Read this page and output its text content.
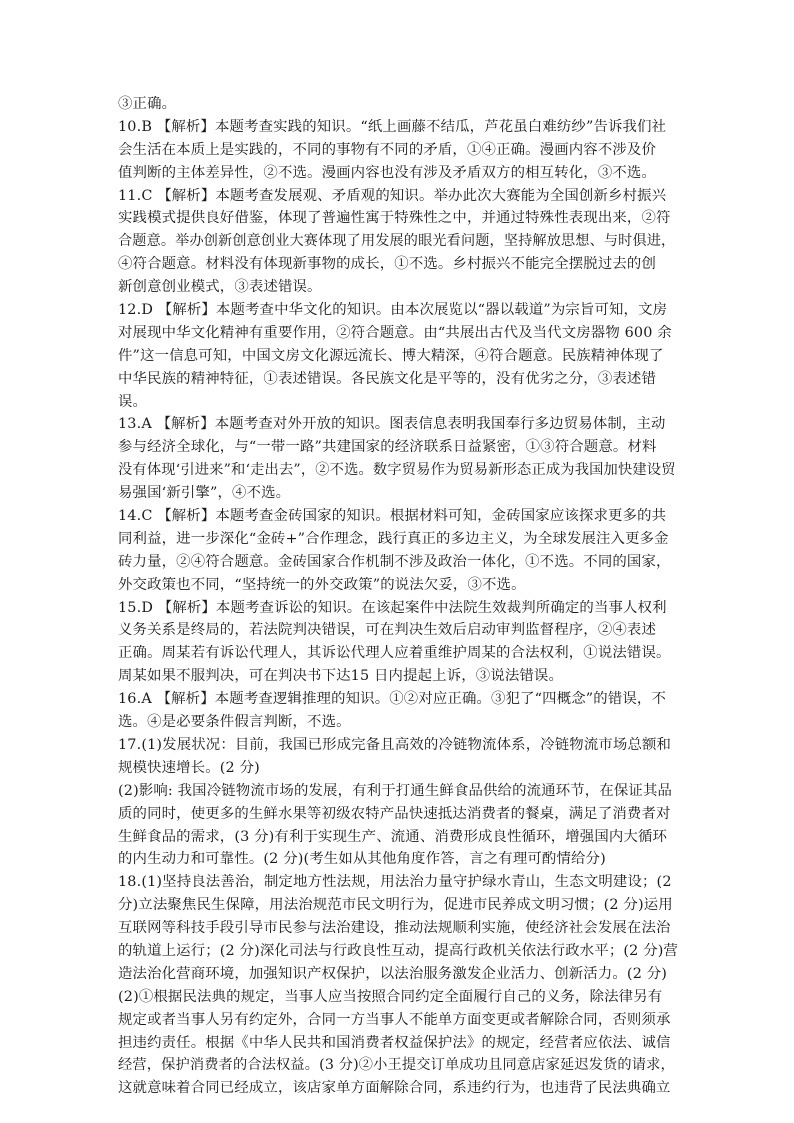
③正确。
10.B 【解析】本题考查实践的知识。“纸上画藤不结瓜，芦花虽白难纺纱”告诉我们社
会生活在本质上是实践的，不同的事物有不同的矛盾，①④正确。漫画内容不涉及价
值判断的主体差异性，②不选。漫画内容也没有涉及矛盾双方的相互转化，③不选。
11.C 【解析】本题考查发展观、矛盾观的知识。举办此次大赛能为全国创新乡村振兴
实践模式提供良好借鉴，体现了普遍性寓于特殊性之中，并通过特殊性表现出来，②符
合题意。举办创新创意创业大赛体现了用发展的眼光看问题，坚持解放思想、与时俱进，
④符合题意。材料没有体现新事物的成长，①不选。乡村振兴不能完全摆脱过去的创
新创意创业模式，③表述错误。
12.D 【解析】本题考查中华文化的知识。由本次展览以“器以载道”为宗旨可知，文房
对展现中华文化精神有重要作用，②符合题意。由“共展出古代及当代文房器物 600 余
件”这一信息可知，中国文房文化源远流长、博大精深，④符合题意。民族精神体现了
中华民族的精神特征，①表述错误。各民族文化是平等的，没有优劣之分，③表述错
误。
13.A 【解析】本题考查对外开放的知识。图表信息表明我国奉行多边贸易体制，主动
参与经济全球化，与“一带一路”共建国家的经济联系日益紧密，①③符合题意。材料
没有体现‘引进来”和‘走出去”，②不选。数字贸易作为贸易新形态正成为我国加快建设贸
易强国‘新引擎”，④不选。
14.C 【解析】本题考查金砖国家的知识。根据材料可知，金砖国家应该探求更多的共
同利益，进一步深化“金砖+”合作理念，践行真正的多边主义，为全球发展注入更多金
砖力量，②④符合题意。金砖国家合作机制不涉及政治一体化，①不选。不同的国家，
外交政策也不同，“坚持统一的外交政策”的说法欠妥，③不选。
15.D 【解析】本题考查诉讼的知识。在该起案件中法院生效裁判所确定的当事人权利
义务关系是终局的，若法院判决错误，可在判决生效后启动审判监督程序，②④表述
正确。周某若有诉讼代理人，其诉讼代理人应着重维护周某的合法权利，①说法错误。
周某如果不服判决，可在判决书下达15 日内提起上诉，③说法错误。
16.A 【解析】本题考查逻辑推理的知识。①②对应正确。③犯了“四概念”的错误，不
选。④是必要条件假言判断，不选。
17.(1)发展状况：目前，我国已形成完备且高效的冷链物流体系，冷链物流市场总额和
规模快速增长。(2 分)
(2)影响: 我国冷链物流市场的发展，有利于打通生鲜食品供给的流通环节，在保证其品
质的同时，使更多的生鲜水果等初级农特产品快速抵达消费者的餐桌，满足了消费者对
生鲜食品的需求，(3 分)有利于实现生产、流通、消费形成良性循环，增强国内大循环
的内生动力和可靠性。(2 分)(考生如从其他角度作答，言之有理可酌情给分)
18.(1)坚持良法善治，制定地方性法规，用法治力量守护绿水青山，生态文明建设；(2
分)立法聚焦民生保障，用法治规范市民文明行为，促进市民养成文明习惯；(2 分)运用
互联网等科技手段引导市民参与法治建设，推动法规顺利实施，使经济社会发展在法治
的轨道上运行；(2 分)深化司法与行政良性互动，提高行政机关依法行政水平；(2 分)营
造法治化营商环境，加强知识产权保护，以法治服务激发企业活力、创新活力。(2 分)
(2)①根据民法典的规定，当事人应当按照合同约定全面履行自己的义务，除法律另有
规定或者当事人另有约定外，合同一方当事人不能单方面变更或者解除合同，否则须承
担违约责任。根据《中华人民共和国消费者权益保护法》的规定，经营者应依法、诚信
经营，保护消费者的合法权益。(3 分)②小王提交订单成功且同意店家延迟发货的请求，
这就意味着合同已经成立，该店家单方面解除合同，系违约行为，也违背了民法典确立
